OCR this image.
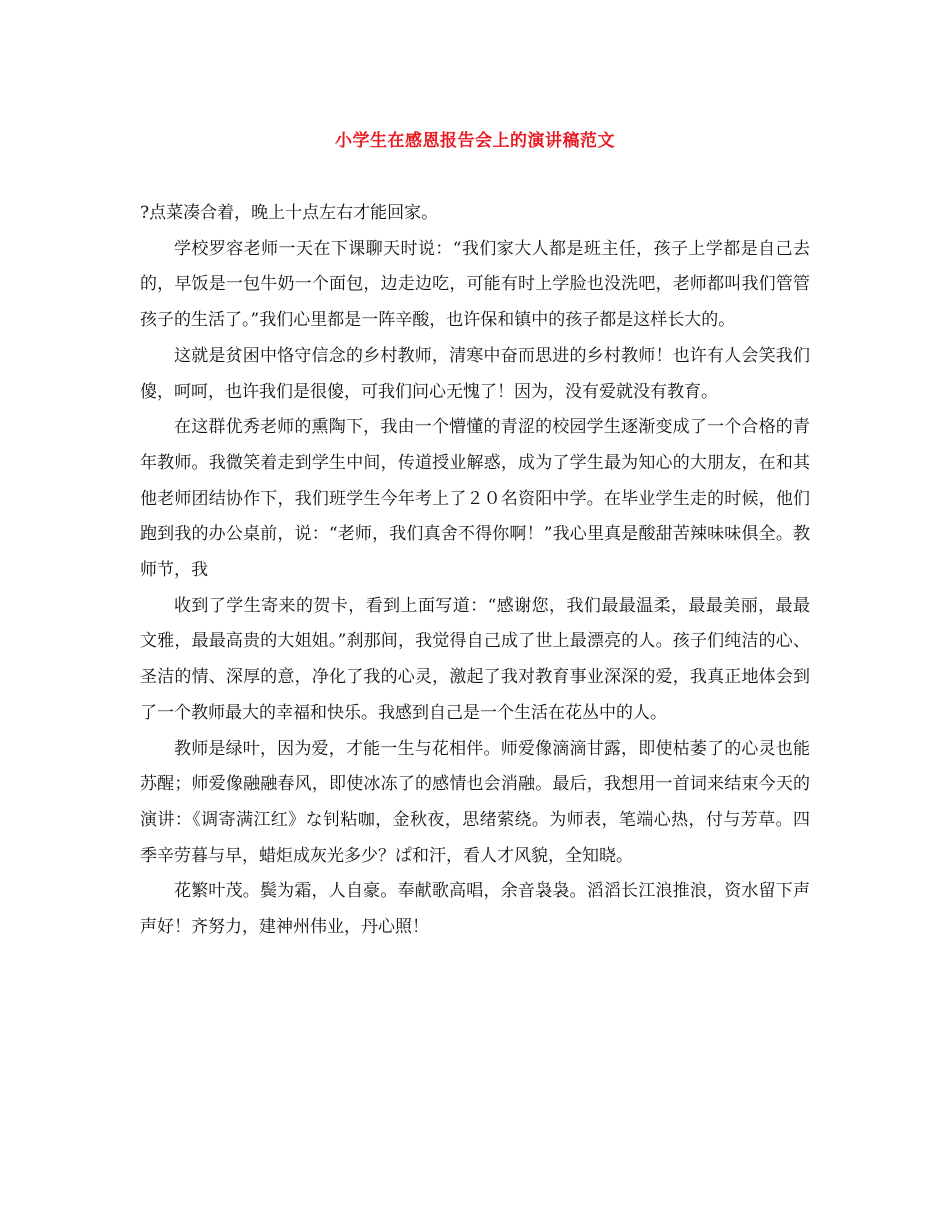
小学生在感恩报告会上的演讲稿范文

?点菜凑合着，晚上十点左右才能回家。

学校罗容老师一天在下课聊天时说：“我们家大人都是班主任，孩子上学都是自己去的，早饭是一包牛奶一个面包，边走边吃，可能有时上学脸也没洗吧，老师都叫我们管管孩子的生活了。”我们心里都是一阵辛酸，也许保和镇中的孩子都是这样长大的。

这就是贫困中恪守信念的乡村教师，清寒中奋而思进的乡村教师！也许有人会笑我们傻，呵呵，也许我们是很傻，可我们问心无愧了！因为，没有爱就没有教育。

在这群优秀老师的熏陶下，我由一个懵懂的青涩的校园学生逐渐变成了一个合格的青年教师。我微笑着走到学生中间，传道授业解惑，成为了学生最为知心的大朋友，在和其他老师团结协作下，我们班学生今年考上了２０名资阳中学。在毕业学生走的时候，他们跑到我的办公桌前，说：“老师，我们真舍不得你啊！”我心里真是酸甜苦辣味味俱全。教师节，我

收到了学生寄来的贺卡，看到上面写道：“感谢您，我们最最温柔，最最美丽，最最文雅，最最高贵的大姐姐。”刹那间，我觉得自己成了世上最漂亮的人。孩子们纯洁的心、圣洁的情、深厚的意，净化了我的心灵，激起了我对教育事业深深的爱，我真正地体会到了一个教师最大的幸福和快乐。我感到自己是一个生活在花丛中的人。

教师是绿叶，因为爱，才能一生与花相伴。师爱像滴滴甘露，即使枯萎了的心灵也能苏醒；师爱像融融春风，即使冰冻了的感情也会消融。最后，我想用一首词来结束今天的演讲：《调寄满江红》な钊粘咖，金秋夜，思绪萦绕。为师表，笔端心热，付与芳草。四季辛劳暮与早，蜡炬成灰光多少？ぱ和汗，看人才风貌，全知晓。

花繁叶茂。鬓为霜，人自豪。奉献歌高唱，余音袅袅。滔滔长江浪推浪，资水留下声声好！齐努力，建神州伟业，丹心照！
